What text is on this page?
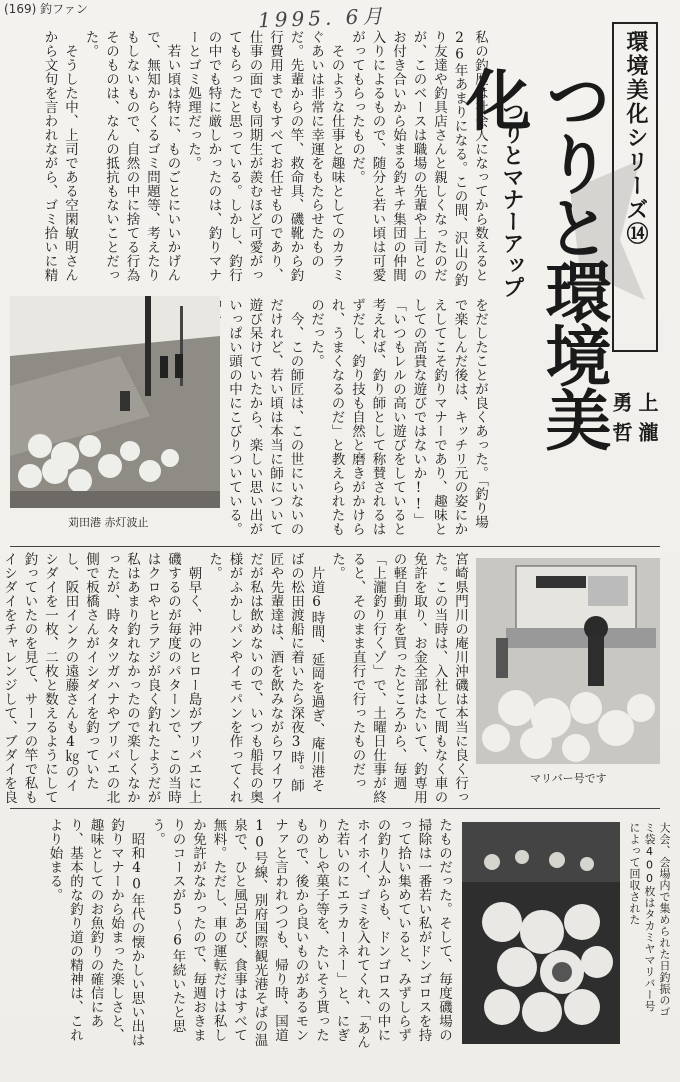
(169) 釣ファン	1995. 6月
環境美化シリーズ⑭
つりと環境美化
つりとマナーアップ
上瀧 勇哲
私の釣歴は社会人になってから数えると26年あまりになる。この間、沢山の釣り友達や釣具店さんと親しくなったのだが、このベースは職場の先輩や上司とのお付き合いから始まる釣キチ集団の仲間入りによるもので、随分と若い頃は可愛がってもらったものだ。
　そのような仕事と趣味としてのカラミぐあいは非常に幸運をもたらせたものだ。先輩からの竿、救命具、磯靴から釣行費用までもすべてお任せものであり、仕事の面でも同期生が羨むほど可愛がってもらったと思っている。しかし、釣行の中でも特に厳しかったのは、釣りマナーとゴミ処理だった。
　若い頃は特に、ものごとにいいかげんで、無知からくるゴミ問題等、考えたりもしないもので、自然の中に捨てる行為そのものは、なんの抵抗もないことだった。
　そうした中、上司である空閑敏明さんから文句を言われながら、ゴミ拾いに精
をだしたことが良くあった。「釣り場で楽しんだ後は、キッチリ元の姿にかえしてこそ釣りマナーであり、趣味としての高貴な遊びではないか!!」「いつもレルの高い遊びをしていると考えれば、釣り師として称賛されるはずだし、釣り技も自然と磨きがかけられ、うまくなるのだ」と教えられたものだった。
　今、この師匠は、この世にいないのだけれど、若い頃は本当に師について遊び呆けていたから、楽しい思い出がいっぱい頭の中にこびりついている。
苅田港 赤灯波止
宮崎県門川の庵川沖磯は本当に良く行った。この当時は、入社して間もなく車の免許を取り、お金全部はたいて、釣専用の軽自動車を買ったところから、毎週「上瀧釣り行くゾ」で、土曜日仕事が終ると、そのまま直行で行ったものだった。
　片道6時間、延岡を過ぎ、庵川港そばの松田渡船に着いたら深夜3時。師匠や先輩達は、酒を飲みながらワイワイだが私は飲めないので、いつも船長の奥様がふかしパンやイモパンを作ってくれた。
　朝早く、沖のヒロー島がブリバエに上磯するのが毎度のパターンで、この当時はクロやヒラアジが良く釣れたようだが私はあまり釣れなかったので楽しくなかったが、時々タツガハナやブリバエの北側で板橋さんがイシダイを釣っていたし、阪田インクの遠藤さんも4㎏のイシダイを一枚、二枚と数えるようにして釣っていたのを見て、サーフの竿で私もイシダイをチャレンジして、ブダイを良
マリバー号です
たものだった。そして、毎度磯場の掃除は一番若い私がドンゴロスを持って拾い集めていると、みずしらずの釣り人からも、ドンゴロスの中にホイホイ、ゴミを入れてくれ、「あんた若いのにエラカーネー」と、にぎりめしや菓子等を、たいそう貰ったもので、後から良いものがあるモンナァと言われつつも、帰り時、国道10号線、別府国際観光港そばの温泉で、ひと風呂あび、食事はすべて無料。ただし、車の運転だけは私しか免許がなかったので、毎週おきまりのコースが5～6年続いたと思う。
　昭和40年代の懐かしい思い出は釣りマナーから始まった楽しさと、趣味としてのお魚釣りの確信にあり、基本的な釣り道の精神は、これより始まる。	大会、会場内で集められた日釣振のゴミ袋400枚はタカミヤマリバー号によって回収された
